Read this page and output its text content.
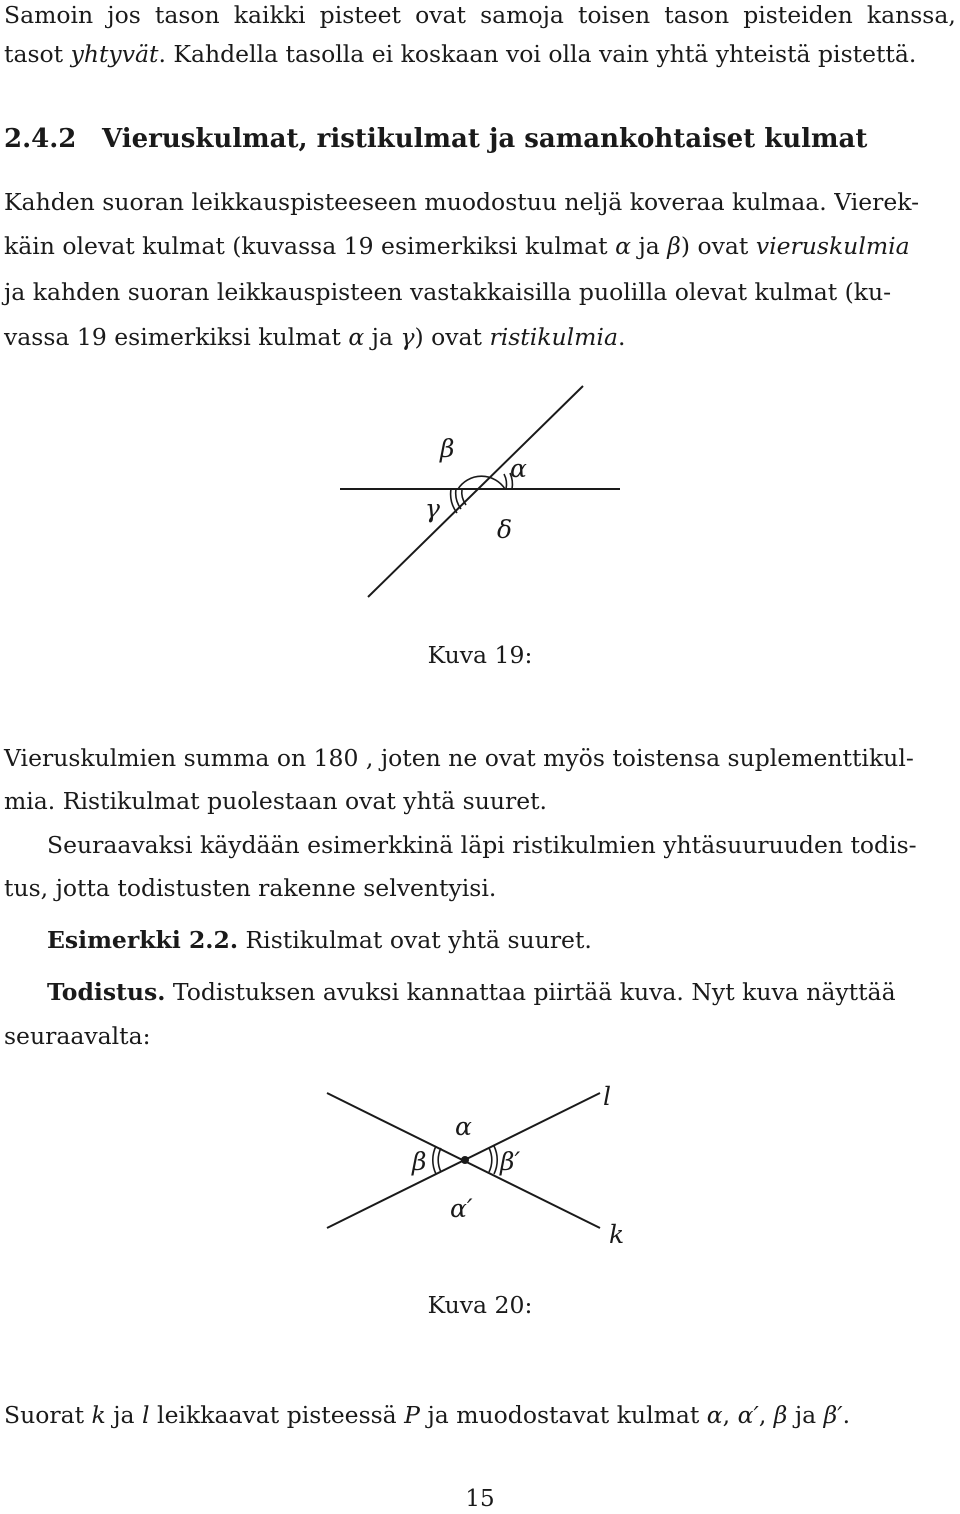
Samoin jos tason kaikki pisteet ovat samoja toisen tason pisteiden kanssa,
tasot yhtyvät. Kahdella tasolla ei koskaan voi olla vain yhtä yhteistä pistettä.
2.4.2 Vieruskulmat, ristikulmat ja samankohtaiset kulmat
Kahden suoran leikkauspisteeseen muodostuu neljä koveraa kulmaa. Vierek-
käin olevat kulmat (kuvassa 19 esimerkiksi kulmat α ja β) ovat vieruskulmia
ja kahden suoran leikkauspisteen vastakkaisilla puolilla olevat kulmat (ku-
vassa 19 esimerkiksi kulmat α ja γ) ovat ristikulmia.
β
α
γ
δ
Kuva 19:
Vieruskulmien summa on 180 , joten ne ovat myös toistensa suplementtikul-
mia. Ristikulmat puolestaan ovat yhtä suuret.
Seuraavaksi käydään esimerkkinä läpi ristikulmien yhtäsuuruuden todis-
tus, jotta todistusten rakenne selventyisi.
Esimerkki 2.2. Ristikulmat ovat yhtä suuret.
Todistus. Todistuksen avuksi kannattaa piirtää kuva. Nyt kuva näyttää
seuraavalta:
l
k
α
β	β′
α′
Kuva 20:
Suorat k ja l leikkaavat pisteessä P ja muodostavat kulmat α, α′, β ja β′.
15
